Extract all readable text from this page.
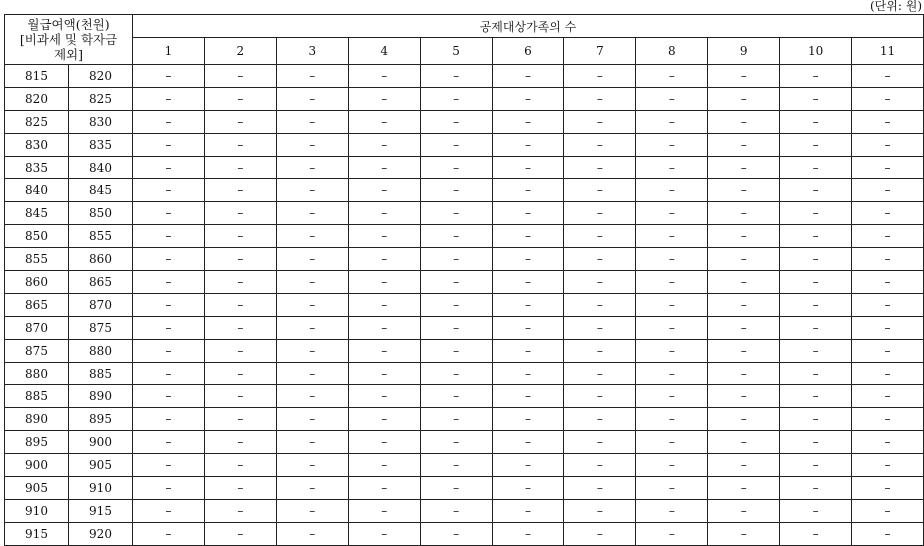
(단위: 원)
월급여액(천원)
[비과세 및 학자금
제외]		공제대상가족의 수										
		1	2	3	4	5	6	7	8	9	10	11
815	820	–	–	–	–	–	–	–	–	–	–	–
820	825	–	–	–	–	–	–	–	–	–	–	–
825	830	–	–	–	–	–	–	–	–	–	–	–
830	835	–	–	–	–	–	–	–	–	–	–	–
835	840	–	–	–	–	–	–	–	–	–	–	–
840	845	–	–	–	–	–	–	–	–	–	–	–
845	850	–	–	–	–	–	–	–	–	–	–	–
850	855	–	–	–	–	–	–	–	–	–	–	–
855	860	–	–	–	–	–	–	–	–	–	–	–
860	865	–	–	–	–	–	–	–	–	–	–	–
865	870	–	–	–	–	–	–	–	–	–	–	–
870	875	–	–	–	–	–	–	–	–	–	–	–
875	880	–	–	–	–	–	–	–	–	–	–	–
880	885	–	–	–	–	–	–	–	–	–	–	–
885	890	–	–	–	–	–	–	–	–	–	–	–
890	895	–	–	–	–	–	–	–	–	–	–	–
895	900	–	–	–	–	–	–	–	–	–	–	–
900	905	–	–	–	–	–	–	–	–	–	–	–
905	910	–	–	–	–	–	–	–	–	–	–	–
910	915	–	–	–	–	–	–	–	–	–	–	–
915	920	–	–	–	–	–	–	–	–	–	–	–
